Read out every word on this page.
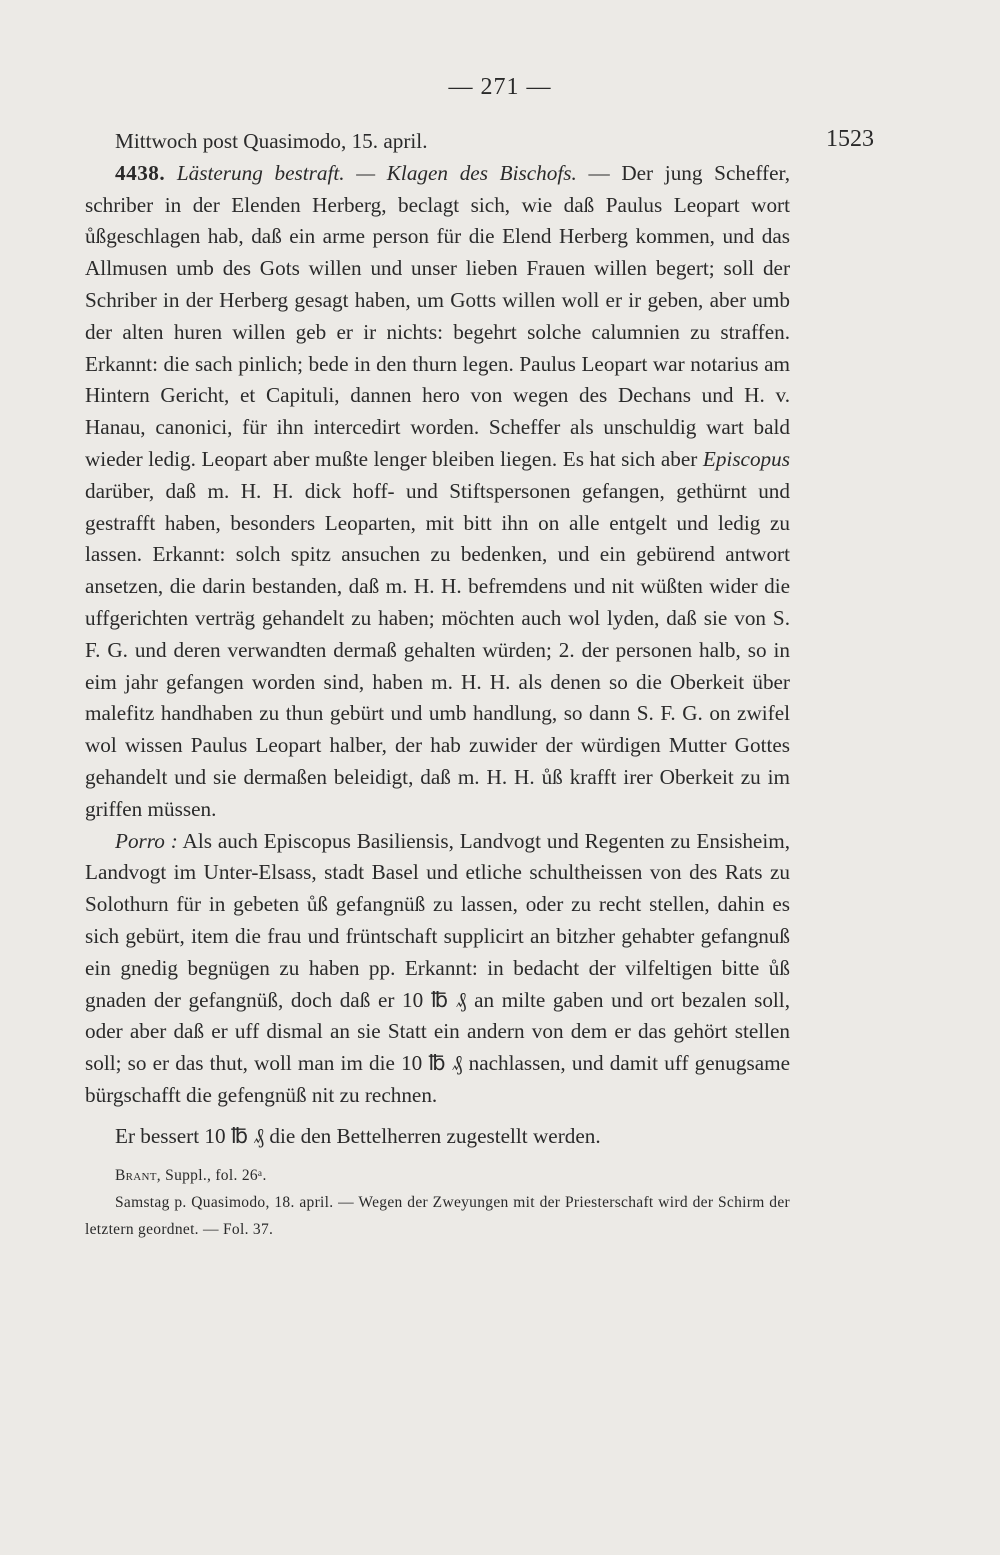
— 271 —
1523

Mittwoch post Quasimodo, 15. april.

4438. Lästerung bestraft. — Klagen des Bischofs. — Der jung Scheffer, schriber in der Elenden Herberg, beclagt sich, wie daß Paulus Leopart wort ůßgeschlagen hab, daß ein arme person für die Elend Herberg kommen, und das Allmusen umb des Gots willen und unser lieben Frauen willen begert; soll der Schriber in der Herberg gesagt haben, um Gotts willen woll er ir geben, aber umb der alten huren willen geb er ir nichts: begehrt solche calumnien zu straffen. Erkannt: die sach pinlich; bede in den thurn legen. Paulus Leopart war notarius am Hintern Gericht, et Capituli, dannen hero von wegen des Dechans und H. v. Hanau, canonici, für ihn intercedirt worden. Scheffer als unschuldig wart bald wieder ledig. Leopart aber mußte lenger bleiben liegen. Es hat sich aber Episcopus darüber, daß m. H. H. dick hoff- und Stiftspersonen gefangen, gethürnt und gestrafft haben, besonders Leoparten, mit bitt ihn on alle entgelt und ledig zu lassen. Erkannt: solch spitz ansuchen zu bedenken, und ein gebürend antwort ansetzen, die darin bestanden, daß m. H. H. befremdens und nit wüßten wider die uffgerichten verträg gehandelt zu haben; möchten auch wol lyden, daß sie von S. F. G. und deren verwandten dermaß gehalten würden; 2. der personen halb, so in eim jahr gefangen worden sind, haben m. H. H. als denen so die Oberkeit über malefitz handhaben zu thun gebürt und umb handlung, so dann S. F. G. on zwifel wol wissen Paulus Leopart halber, der hab zuwider der würdigen Mutter Gottes gehandelt und sie dermaßen beleidigt, daß m. H. H. ůß krafft irer Oberkeit zu im griffen müssen.

Porro : Als auch Episcopus Basiliensis, Landvogt und Regenten zu Ensisheim, Landvogt im Unter-Elsass, stadt Basel und etliche schultheissen von des Rats zu Solothurn für in gebeten ůß gefangnüß zu lassen, oder zu recht stellen, dahin es sich gebürt, item die frau und früntschaft supplicirt an bitzher gehabter gefangnuß ein gnedig begnügen zu haben pp. Erkannt: in bedacht der vilfeltigen bitte ůß gnaden der gefangnüß, doch daß er 10 ℔ ₰ an milte gaben und ort bezalen soll, oder aber daß er uff dismal an sie Statt ein andern von dem er das gehört stellen soll; so er das thut, woll man im die 10 ℔ ₰ nachlassen, und damit uff genugsame bürgschafft die gefengnüß nit zu rechnen.

Er bessert 10 ℔ ₰ die den Bettelherren zugestellt werden.

Brant, Suppl., fol. 26ᵃ.

Samstag p. Quasimodo, 18. april. — Wegen der Zweyungen mit der Priesterschaft wird der Schirm der letztern geordnet. — Fol. 37.
